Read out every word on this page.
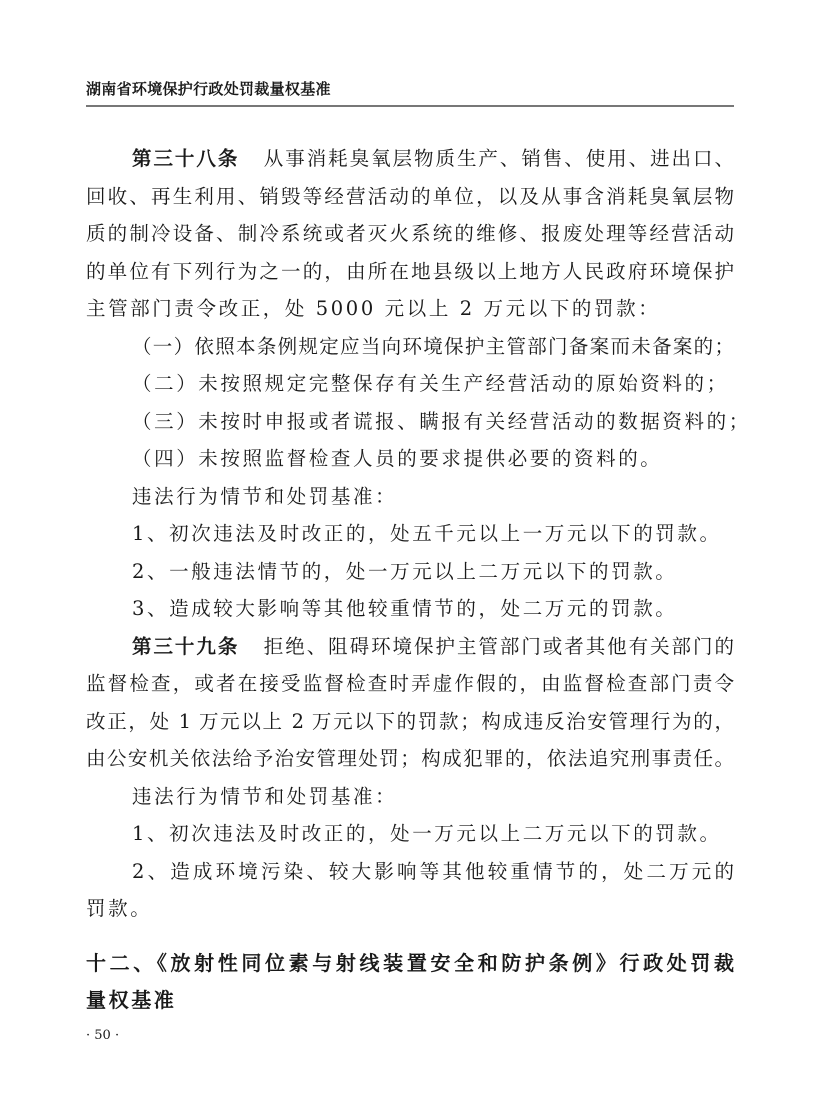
湖南省环境保护行政处罚裁量权基准
第三十八条 从事消耗臭氧层物质生产、销售、使用、进出口、
回收、再生利用、销毁等经营活动的单位，以及从事含消耗臭氧层物
质的制冷设备、制冷系统或者灭火系统的维修、报废处理等经营活动
的单位有下列行为之一的，由所在地县级以上地方人民政府环境保护
主管部门责令改正，处 5000 元以上 2 万元以下的罚款：
（一）依照本条例规定应当向环境保护主管部门备案而未备案的；
（二）未按照规定完整保存有关生产经营活动的原始资料的；
（三）未按时申报或者谎报、瞒报有关经营活动的数据资料的；
（四）未按照监督检查人员的要求提供必要的资料的。
违法行为情节和处罚基准：
1、初次违法及时改正的，处五千元以上一万元以下的罚款。
2、一般违法情节的，处一万元以上二万元以下的罚款。
3、造成较大影响等其他较重情节的，处二万元的罚款。
第三十九条 拒绝、阻碍环境保护主管部门或者其他有关部门的
监督检查，或者在接受监督检查时弄虚作假的，由监督检查部门责令
改正，处 1 万元以上 2 万元以下的罚款；构成违反治安管理行为的，
由公安机关依法给予治安管理处罚；构成犯罪的，依法追究刑事责任。
违法行为情节和处罚基准：
1、初次违法及时改正的，处一万元以上二万元以下的罚款。
2、造成环境污染、较大影响等其他较重情节的，处二万元的
罚款。
十二、《放射性同位素与射线装置安全和防护条例》行政处罚裁
量权基准
· 50 ·
